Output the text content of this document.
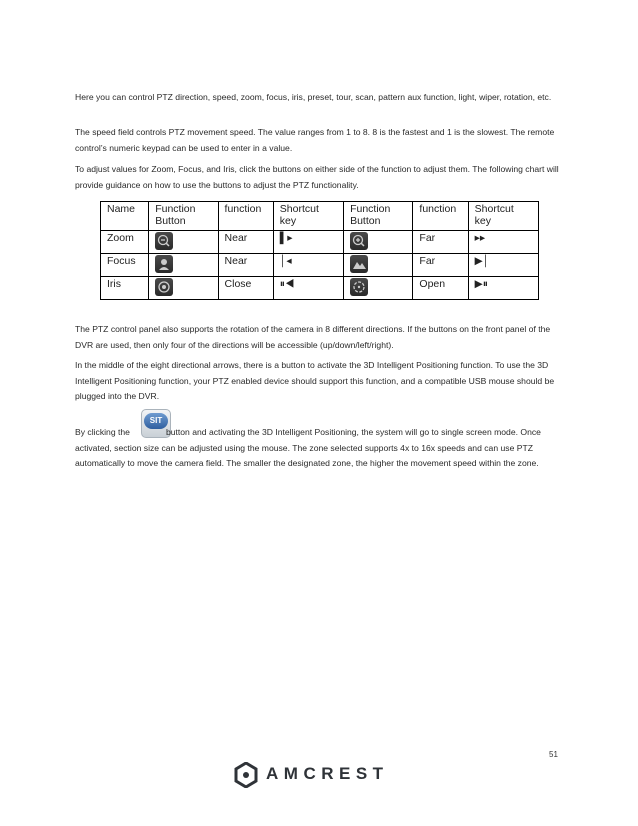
Here you can control PTZ direction, speed, zoom, focus, iris, preset, tour, scan, pattern aux function, light, wiper, rotation, etc.
The speed field controls PTZ movement speed. The value ranges from 1 to 8. 8 is the fastest and 1 is the slowest. The remote control’s numeric keypad can be used to enter in a value.
To adjust values for Zoom, Focus, and Iris, click the buttons on either side of the function to adjust them. The following chart will provide guidance on how to use the buttons to adjust the PTZ functionality.
Name	Function Button	function	Shortcut key	Function Button	function	Shortcut key
Zoom		Near	▌▸		Far	▸▸
Focus		Near	│◂		Far	▶│
Iris		Close	⏸◀		Open	▶⏸
The PTZ control panel also supports the rotation of the camera in 8 different directions. If the buttons on the front panel of the DVR are used, then only four of the directions will be accessible (up/down/left/right).
In the middle of the eight directional arrows, there is a button to activate the 3D Intelligent Positioning function. To use the 3D Intelligent Positioning function, your PTZ enabled device should support this function, and a compatible USB mouse should be plugged into the DVR.
SIT
By clicking the	button and activating the 3D Intelligent Positioning, the system will go to single screen mode. Once activated, section size can be adjusted using the mouse. The zone selected supports 4x to 16x speeds and can use PTZ automatically to move the camera field. The smaller the designated zone, the higher the movement speed within the zone.
51
AMCREST
